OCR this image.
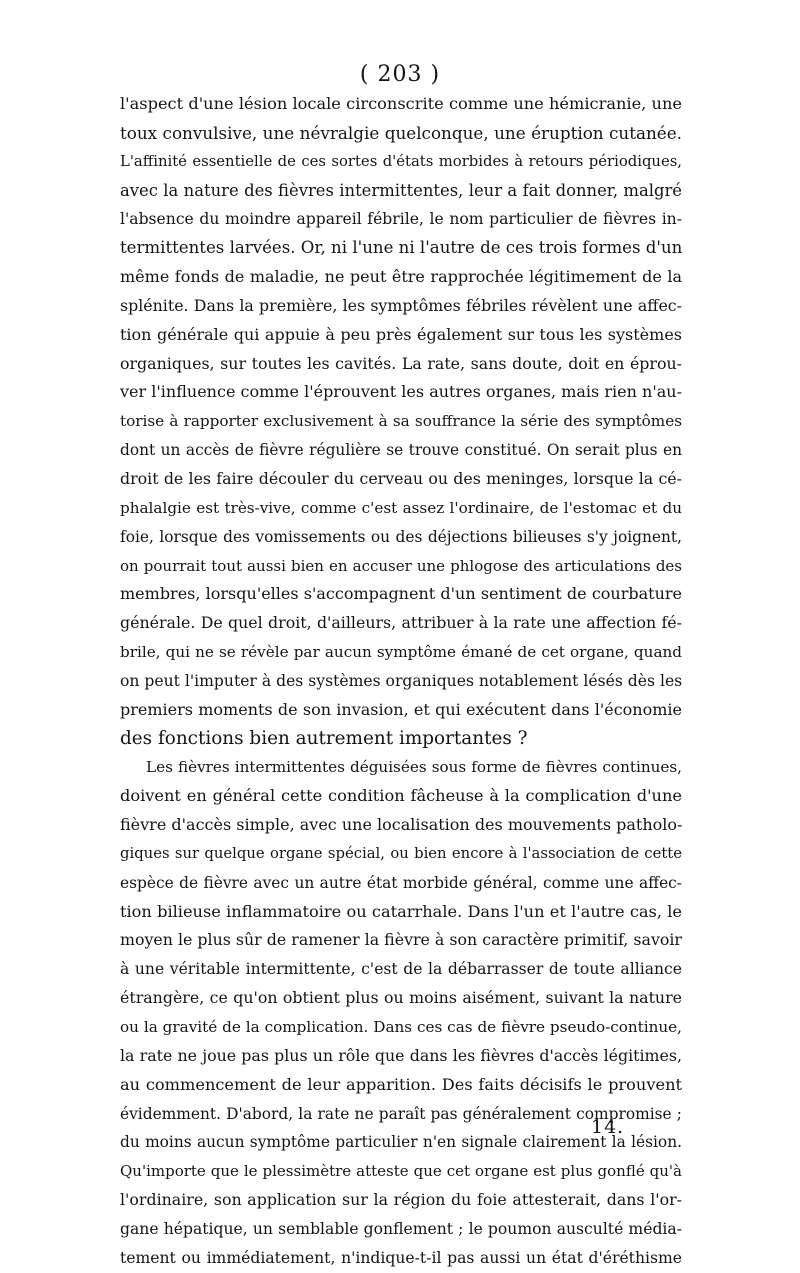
( 203 )
l'aspect d'une lésion locale circonscrite comme une hémicranie, une
toux convulsive, une névralgie quelconque, une éruption cutanée.
L'affinité essentielle de ces sortes d'états morbides à retours périodiques,
avec la nature des fièvres intermittentes, leur a fait donner, malgré
l'absence du moindre appareil fébrile, le nom particulier de fièvres in-
termittentes larvées. Or, ni l'une ni l'autre de ces trois formes d'un
même fonds de maladie, ne peut être rapprochée légitimement de la
splénite. Dans la première, les symptômes fébriles révèlent une affec-
tion générale qui appuie à peu près également sur tous les systèmes
organiques, sur toutes les cavités. La rate, sans doute, doit en éprou-
ver l'influence comme l'éprouvent les autres organes, mais rien n'au-
torise à rapporter exclusivement à sa souffrance la série des symptômes
dont un accès de fièvre régulière se trouve constitué. On serait plus en
droit de les faire découler du cerveau ou des meninges, lorsque la cé-
phalalgie est très-vive, comme c'est assez l'ordinaire, de l'estomac et du
foie, lorsque des vomissements ou des déjections bilieuses s'y joignent,
on pourrait tout aussi bien en accuser une phlogose des articulations des
membres, lorsqu'elles s'accompagnent d'un sentiment de courbature
générale. De quel droit, d'ailleurs, attribuer à la rate une affection fé-
brile, qui ne se révèle par aucun symptôme émané de cet organe, quand
on peut l'imputer à des systèmes organiques notablement lésés dès les
premiers moments de son invasion, et qui exécutent dans l'économie
des fonctions bien autrement importantes ?
Les fièvres intermittentes déguisées sous forme de fièvres continues,
doivent en général cette condition fâcheuse à la complication d'une
fièvre d'accès simple, avec une localisation des mouvements patholo-
giques sur quelque organe spécial, ou bien encore à l'association de cette
espèce de fièvre avec un autre état morbide général, comme une affec-
tion bilieuse inflammatoire ou catarrhale. Dans l'un et l'autre cas, le
moyen le plus sûr de ramener la fièvre à son caractère primitif, savoir
à une véritable intermittente, c'est de la débarrasser de toute alliance
étrangère, ce qu'on obtient plus ou moins aisément, suivant la nature
ou la gravité de la complication. Dans ces cas de fièvre pseudo-continue,
la rate ne joue pas plus un rôle que dans les fièvres d'accès légitimes,
au commencement de leur apparition. Des faits décisifs le prouvent
évidemment. D'abord, la rate ne paraît pas généralement compromise ;
du moins aucun symptôme particulier n'en signale clairement la lésion.
Qu'importe que le plessimètre atteste que cet organe est plus gonflé qu'à
l'ordinaire, son application sur la région du foie attesterait, dans l'or-
gane hépatique, un semblable gonflement ; le poumon ausculté média-
tement ou immédiatement, n'indique-t-il pas aussi un état d'éréthisme
14.
